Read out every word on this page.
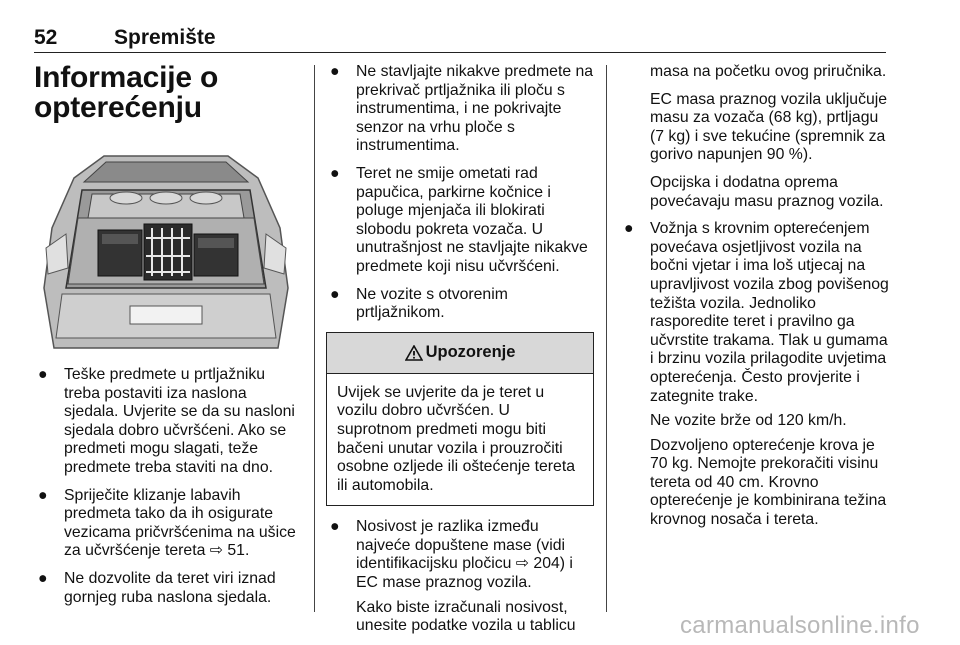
52	Spremište
Informacije o
opterećenju
● Teške predmete u prtljažniku treba postaviti iza naslona sjedala. Uvjerite se da su nasloni sjedala dobro učvršćeni. Ako se predmeti mogu slagati, teže predmete treba staviti na dno.
● Spriječite klizanje labavih predmeta tako da ih osigurate vezicama pričvršćenima na ušice za učvršćenje tereta ⇨ 51.
● Ne dozvolite da teret viri iznad gornjeg ruba naslona sjedala.
● Ne stavljajte nikakve predmete na prekrivač prtljažnika ili ploču s instrumentima, i ne pokrivajte senzor na vrhu ploče s instrumentima.
● Teret ne smije ometati rad papučica, parkirne kočnice i poluge mjenjača ili blokirati slobodu pokreta vozača. U unutrašnjost ne stavljajte nikakve predmete koji nisu učvršćeni.
● Ne vozite s otvorenim prtljažnikom.
Upozorenje
Uvijek se uvjerite da je teret u vozilu dobro učvršćen. U suprotnom predmeti mogu biti bačeni unutar vozila i prouzročiti osobne ozljede ili oštećenje tereta ili automobila.
● Nosivost je razlika između najveće dopuštene mase (vidi identifikacijsku pločicu ⇨ 204) i EC mase praznog vozila.
Kako biste izračunali nosivost, unesite podatke vozila u tablicu
masa na početku ovog priručnika.
EC masa praznog vozila uključuje masu za vozača (68 kg), prtljagu (7 kg) i sve tekućine (spremnik za gorivo napunjen 90 %).
Opcijska i dodatna oprema povećavaju masu praznog vozila.
● Vožnja s krovnim opterećenjem povećava osjetljivost vozila na bočni vjetar i ima loš utjecaj na upravljivost vozila zbog povišenog težišta vozila. Jednoliko rasporedite teret i pravilno ga učvrstite trakama. Tlak u gumama i brzinu vozila prilagodite uvjetima opterećenja. Često provjerite i zategnite trake.
Ne vozite brže od 120 km/h.
Dozvoljeno opterećenje krova je 70 kg. Nemojte prekoračiti visinu tereta od 40 cm. Krovno opterećenje je kombinirana težina krovnog nosača i tereta.
carmanualsonline.info
